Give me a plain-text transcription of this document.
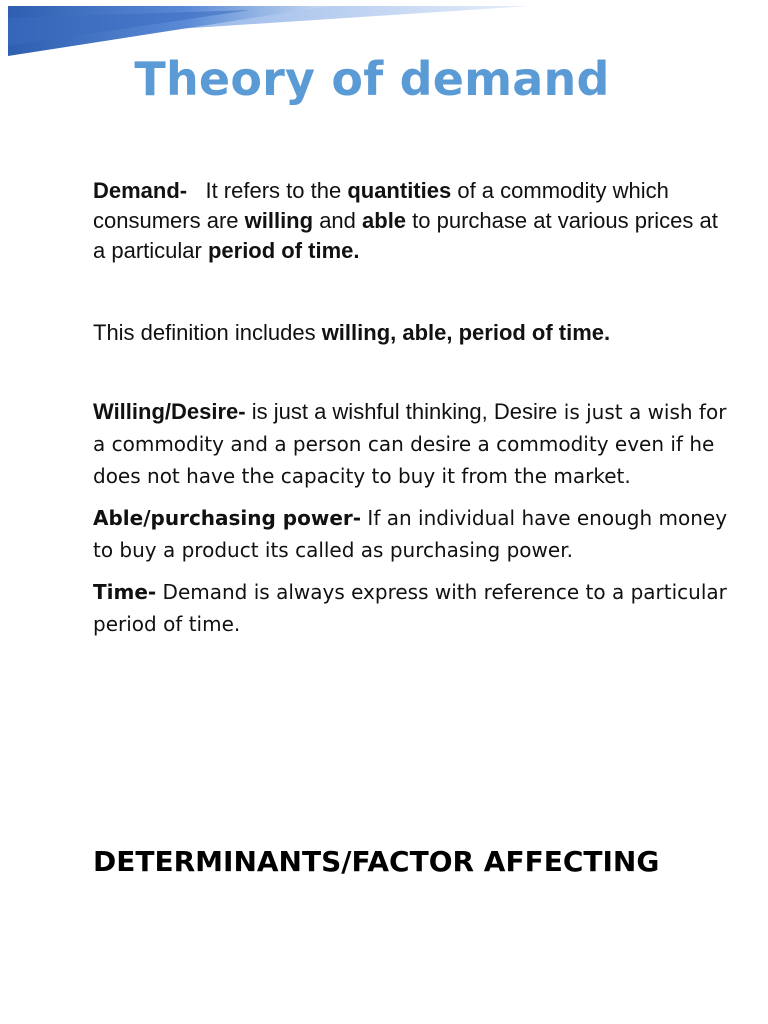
Theory of demand

Demand- It refers to the quantities of a commodity which consumers are willing and able to purchase at various prices at a particular period of time.

This definition includes willing, able, period of time.

Willing/Desire- is just a wishful thinking, Desire is just a wish for a commodity and a person can desire a commodity even if he does not have the capacity to buy it from the market.

Able/purchasing power- If an individual have enough money to buy a product its called as purchasing power.

Time- Demand is always express with reference to a particular period of time.

DETERMINANTS/FACTOR AFFECTING
